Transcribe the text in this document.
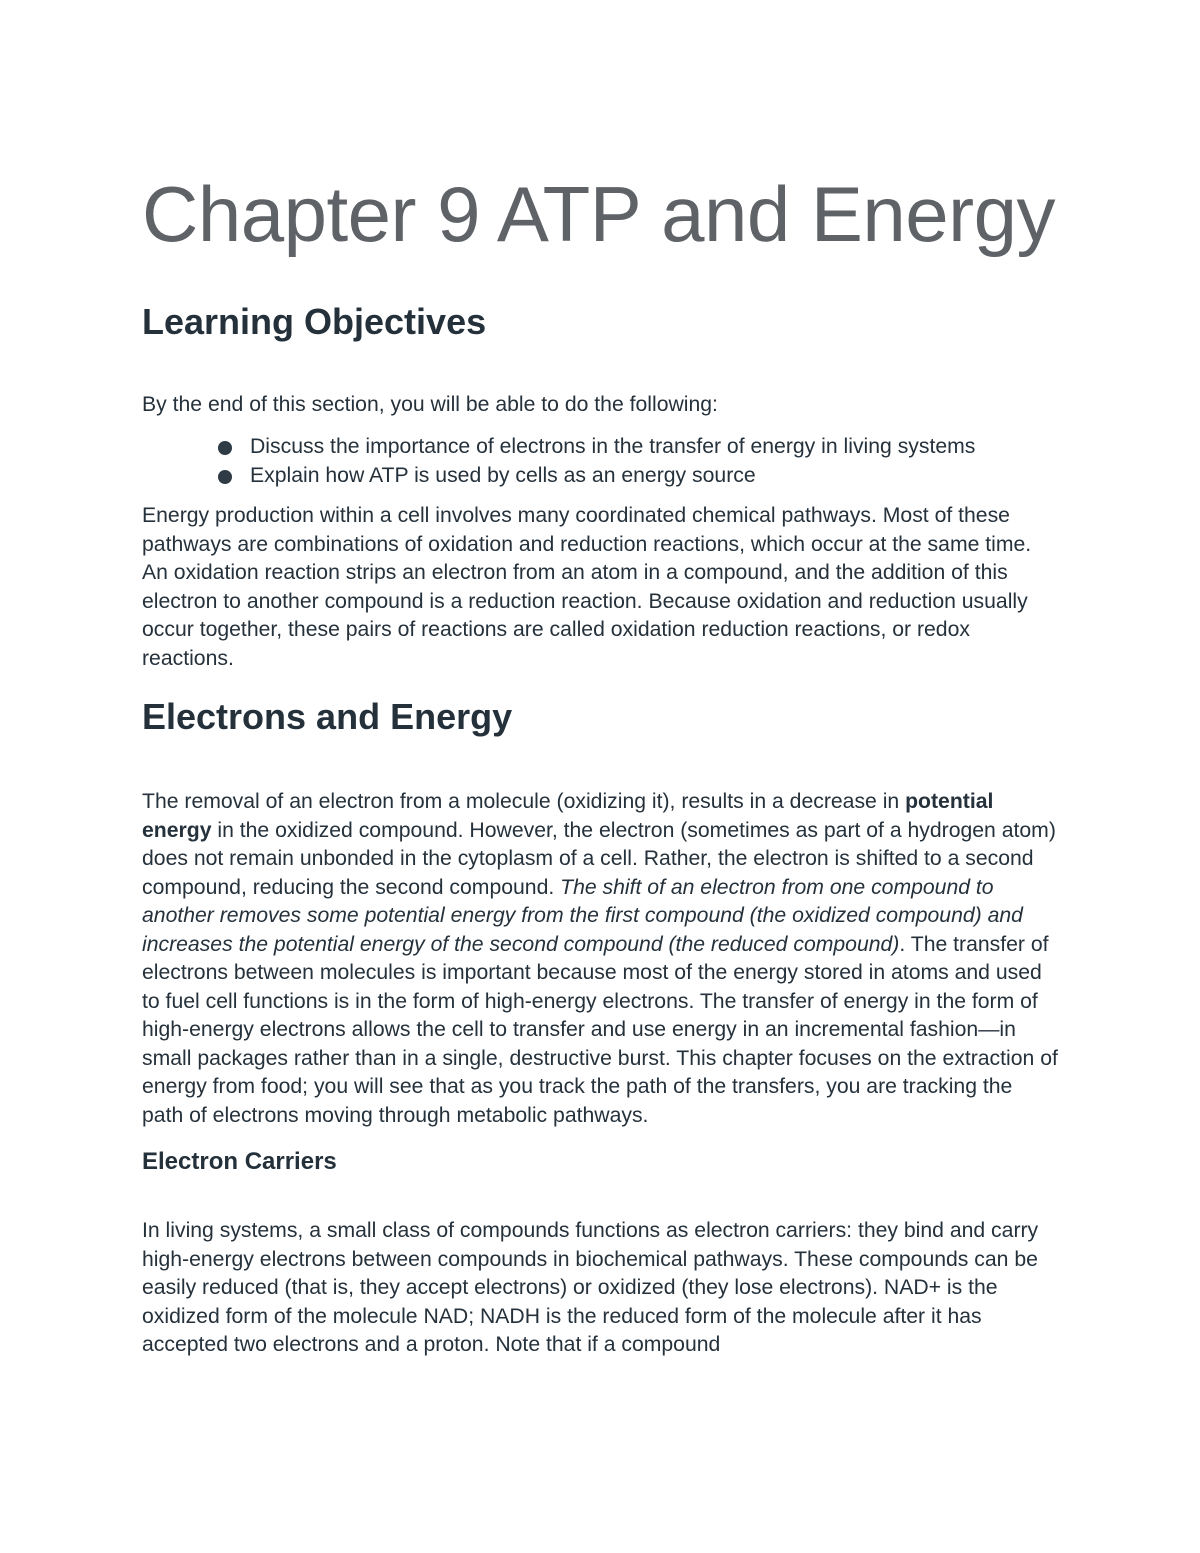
Chapter 9 ATP and Energy
Learning Objectives

By the end of this section, you will be able to do the following:

Discuss the importance of electrons in the transfer of energy in living systems
Explain how ATP is used by cells as an energy source

Energy production within a cell involves many coordinated chemical pathways. Most of these pathways are combinations of oxidation and reduction reactions, which occur at the same time. An oxidation reaction strips an electron from an atom in a compound, and the addition of this electron to another compound is a reduction reaction. Because oxidation and reduction usually occur together, these pairs of reactions are called oxidation reduction reactions, or redox reactions.

Electrons and Energy

The removal of an electron from a molecule (oxidizing it), results in a decrease in potential energy in the oxidized compound. However, the electron (sometimes as part of a hydrogen atom) does not remain unbonded in the cytoplasm of a cell. Rather, the electron is shifted to a second compound, reducing the second compound. The shift of an electron from one compound to another removes some potential energy from the first compound (the oxidized compound) and increases the potential energy of the second compound (the reduced compound). The transfer of electrons between molecules is important because most of the energy stored in atoms and used to fuel cell functions is in the form of high-energy electrons. The transfer of energy in the form of high-energy electrons allows the cell to transfer and use energy in an incremental fashion—in small packages rather than in a single, destructive burst. This chapter focuses on the extraction of energy from food; you will see that as you track the path of the transfers, you are tracking the path of electrons moving through metabolic pathways.

Electron Carriers

In living systems, a small class of compounds functions as electron carriers: they bind and carry high-energy electrons between compounds in biochemical pathways. These compounds can be easily reduced (that is, they accept electrons) or oxidized (they lose electrons). NAD+ is the oxidized form of the molecule NAD; NADH is the reduced form of the molecule after it has accepted two electrons and a proton. Note that if a compound
